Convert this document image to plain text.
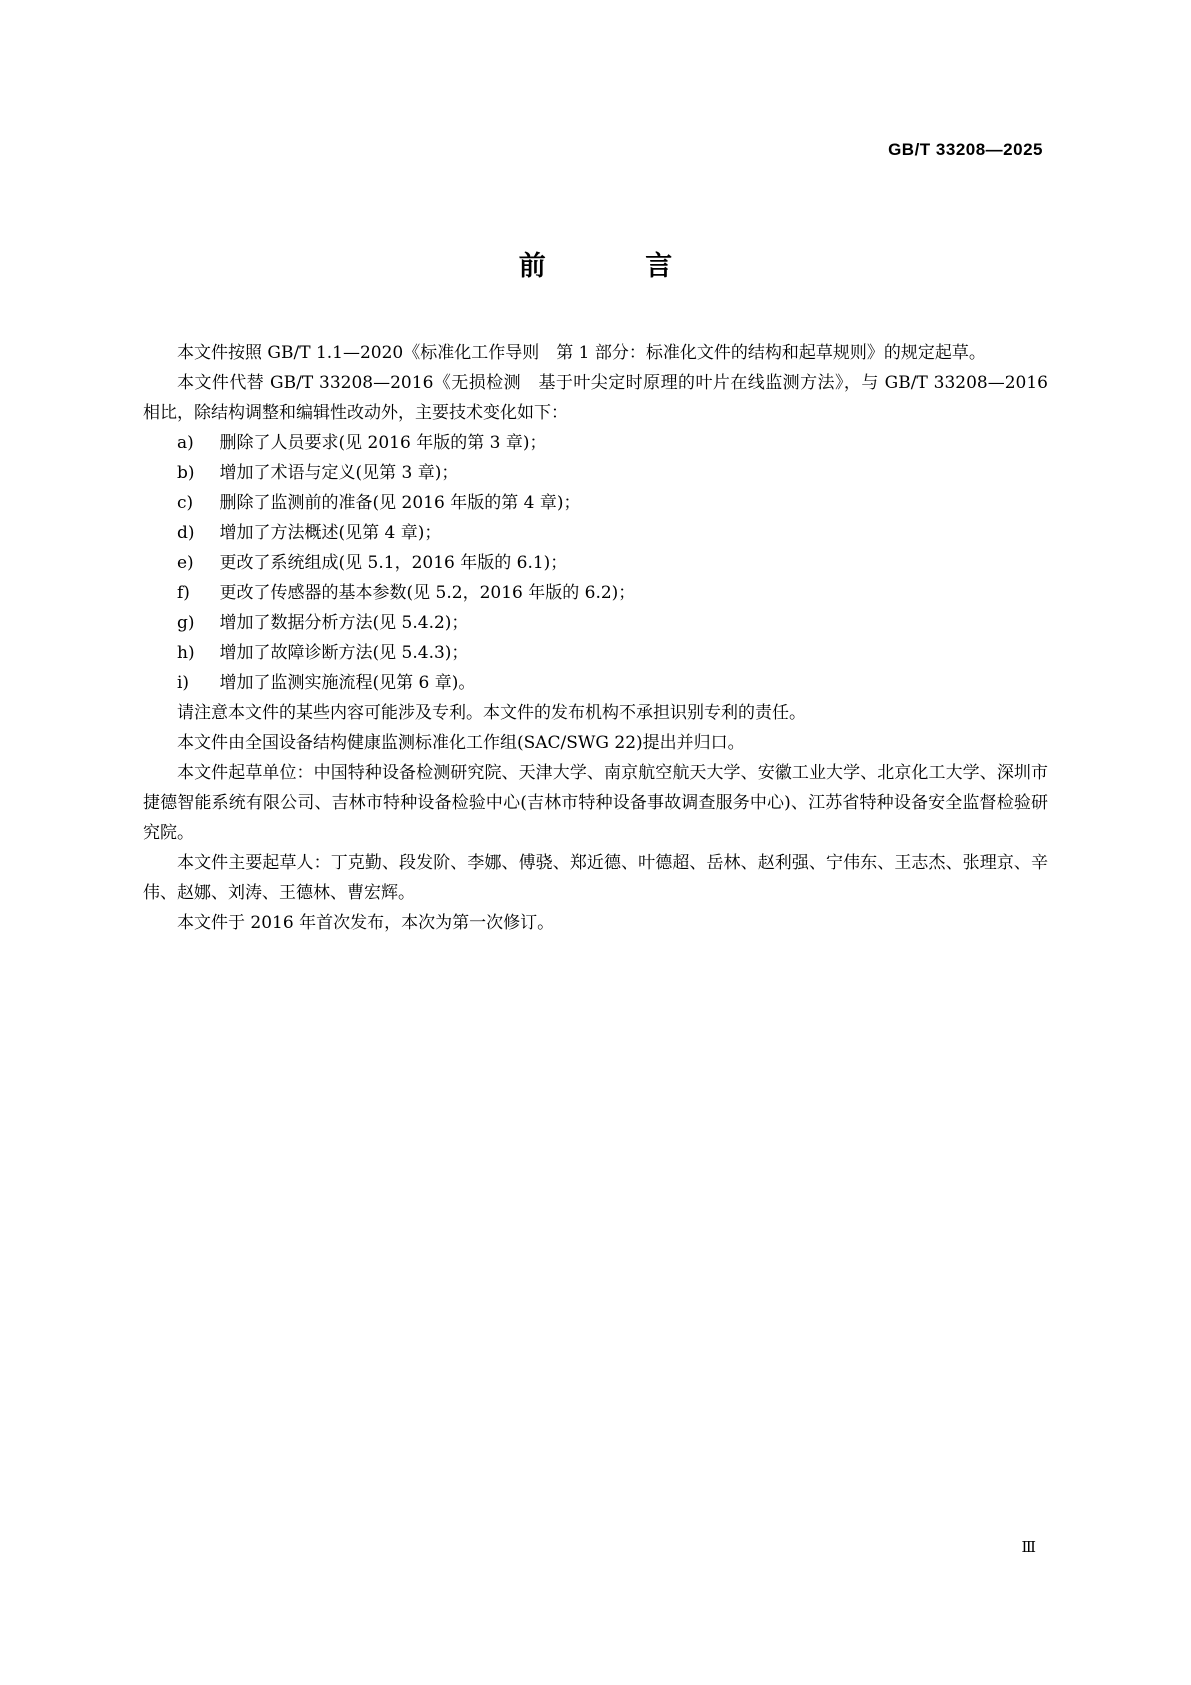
GB/T 33208—2025
前 言

本文件按照 GB/T 1.1—2020《标准化工作导则　第 1 部分：标准化文件的结构和起草规则》的规定起草。

本文件代替 GB/T 33208—2016《无损检测　基于叶尖定时原理的叶片在线监测方法》，与 GB/T 33208—2016 相比，除结构调整和编辑性改动外，主要技术变化如下：

a) 删除了人员要求(见 2016 年版的第 3 章)；
b) 增加了术语与定义(见第 3 章)；
c) 删除了监测前的准备(见 2016 年版的第 4 章)；
d) 增加了方法概述(见第 4 章)；
e) 更改了系统组成(见 5.1，2016 年版的 6.1)；
f) 更改了传感器的基本参数(见 5.2，2016 年版的 6.2)；
g) 增加了数据分析方法(见 5.4.2)；
h) 增加了故障诊断方法(见 5.4.3)；
i) 增加了监测实施流程(见第 6 章)。

请注意本文件的某些内容可能涉及专利。本文件的发布机构不承担识别专利的责任。

本文件由全国设备结构健康监测标准化工作组(SAC/SWG 22)提出并归口。

本文件起草单位：中国特种设备检测研究院、天津大学、南京航空航天大学、安徽工业大学、北京化工大学、深圳市捷德智能系统有限公司、吉林市特种设备检验中心(吉林市特种设备事故调查服务中心)、江苏省特种设备安全监督检验研究院。

本文件主要起草人：丁克勤、段发阶、李娜、傅骁、郑近德、叶德超、岳林、赵利强、宁伟东、王志杰、张理京、辛伟、赵娜、刘涛、王德林、曹宏辉。

本文件于 2016 年首次发布，本次为第一次修订。

Ⅲ
